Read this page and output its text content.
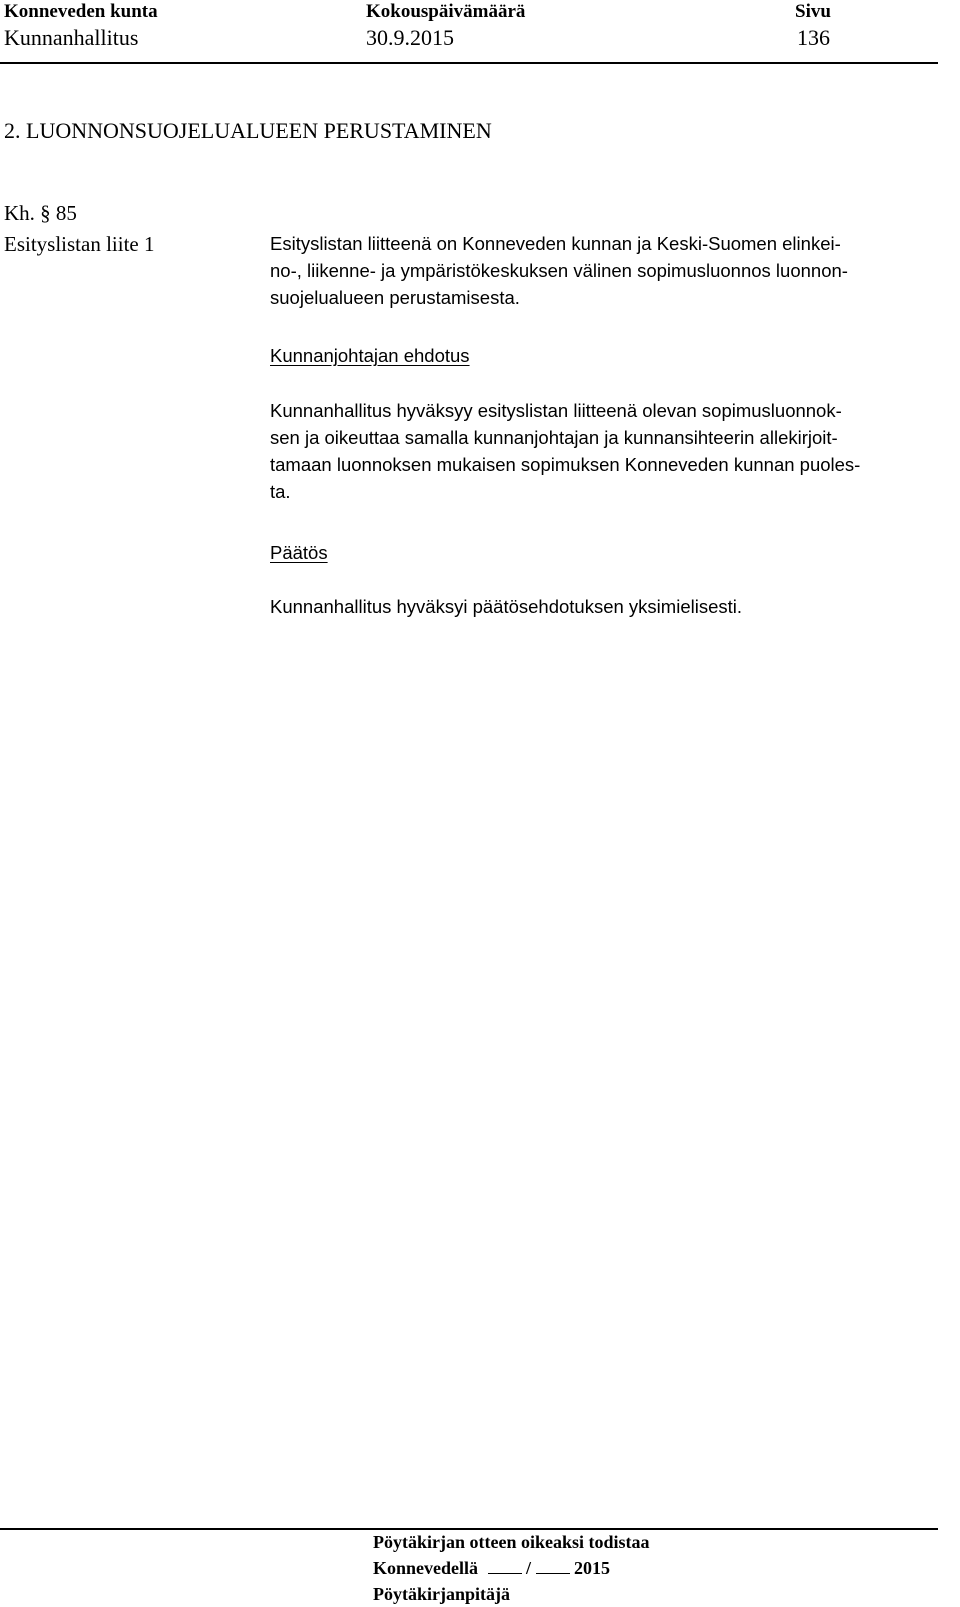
Konneveden kunta	Kokouspäivämäärä	Sivu
Kunnanhallitus	30.9.2015	136
2. LUONNONSUOJELUALUEEN PERUSTAMINEN
Kh. § 85
Esityslistan liite 1	Esityslistan liitteenä on Konneveden kunnan ja Keski-Suomen elinkei-
no-, liikenne- ja ympäristökeskuksen välinen sopimusluonnos luonnon-
suojelualueen perustamisesta.
Kunnanjohtajan ehdotus
Kunnanhallitus hyväksyy esityslistan liitteenä olevan sopimusluonnok-
sen ja oikeuttaa samalla kunnanjohtajan ja kunnansihteerin allekirjoit-
tamaan luonnoksen mukaisen sopimuksen Konneveden kunnan puoles-
ta.
Päätös
Kunnanhallitus hyväksyi päätösehdotuksen yksimielisesti.
Pöytäkirjan otteen oikeaksi todistaa
Konnevedellä	/ 2015
Pöytäkirjanpitäjä
